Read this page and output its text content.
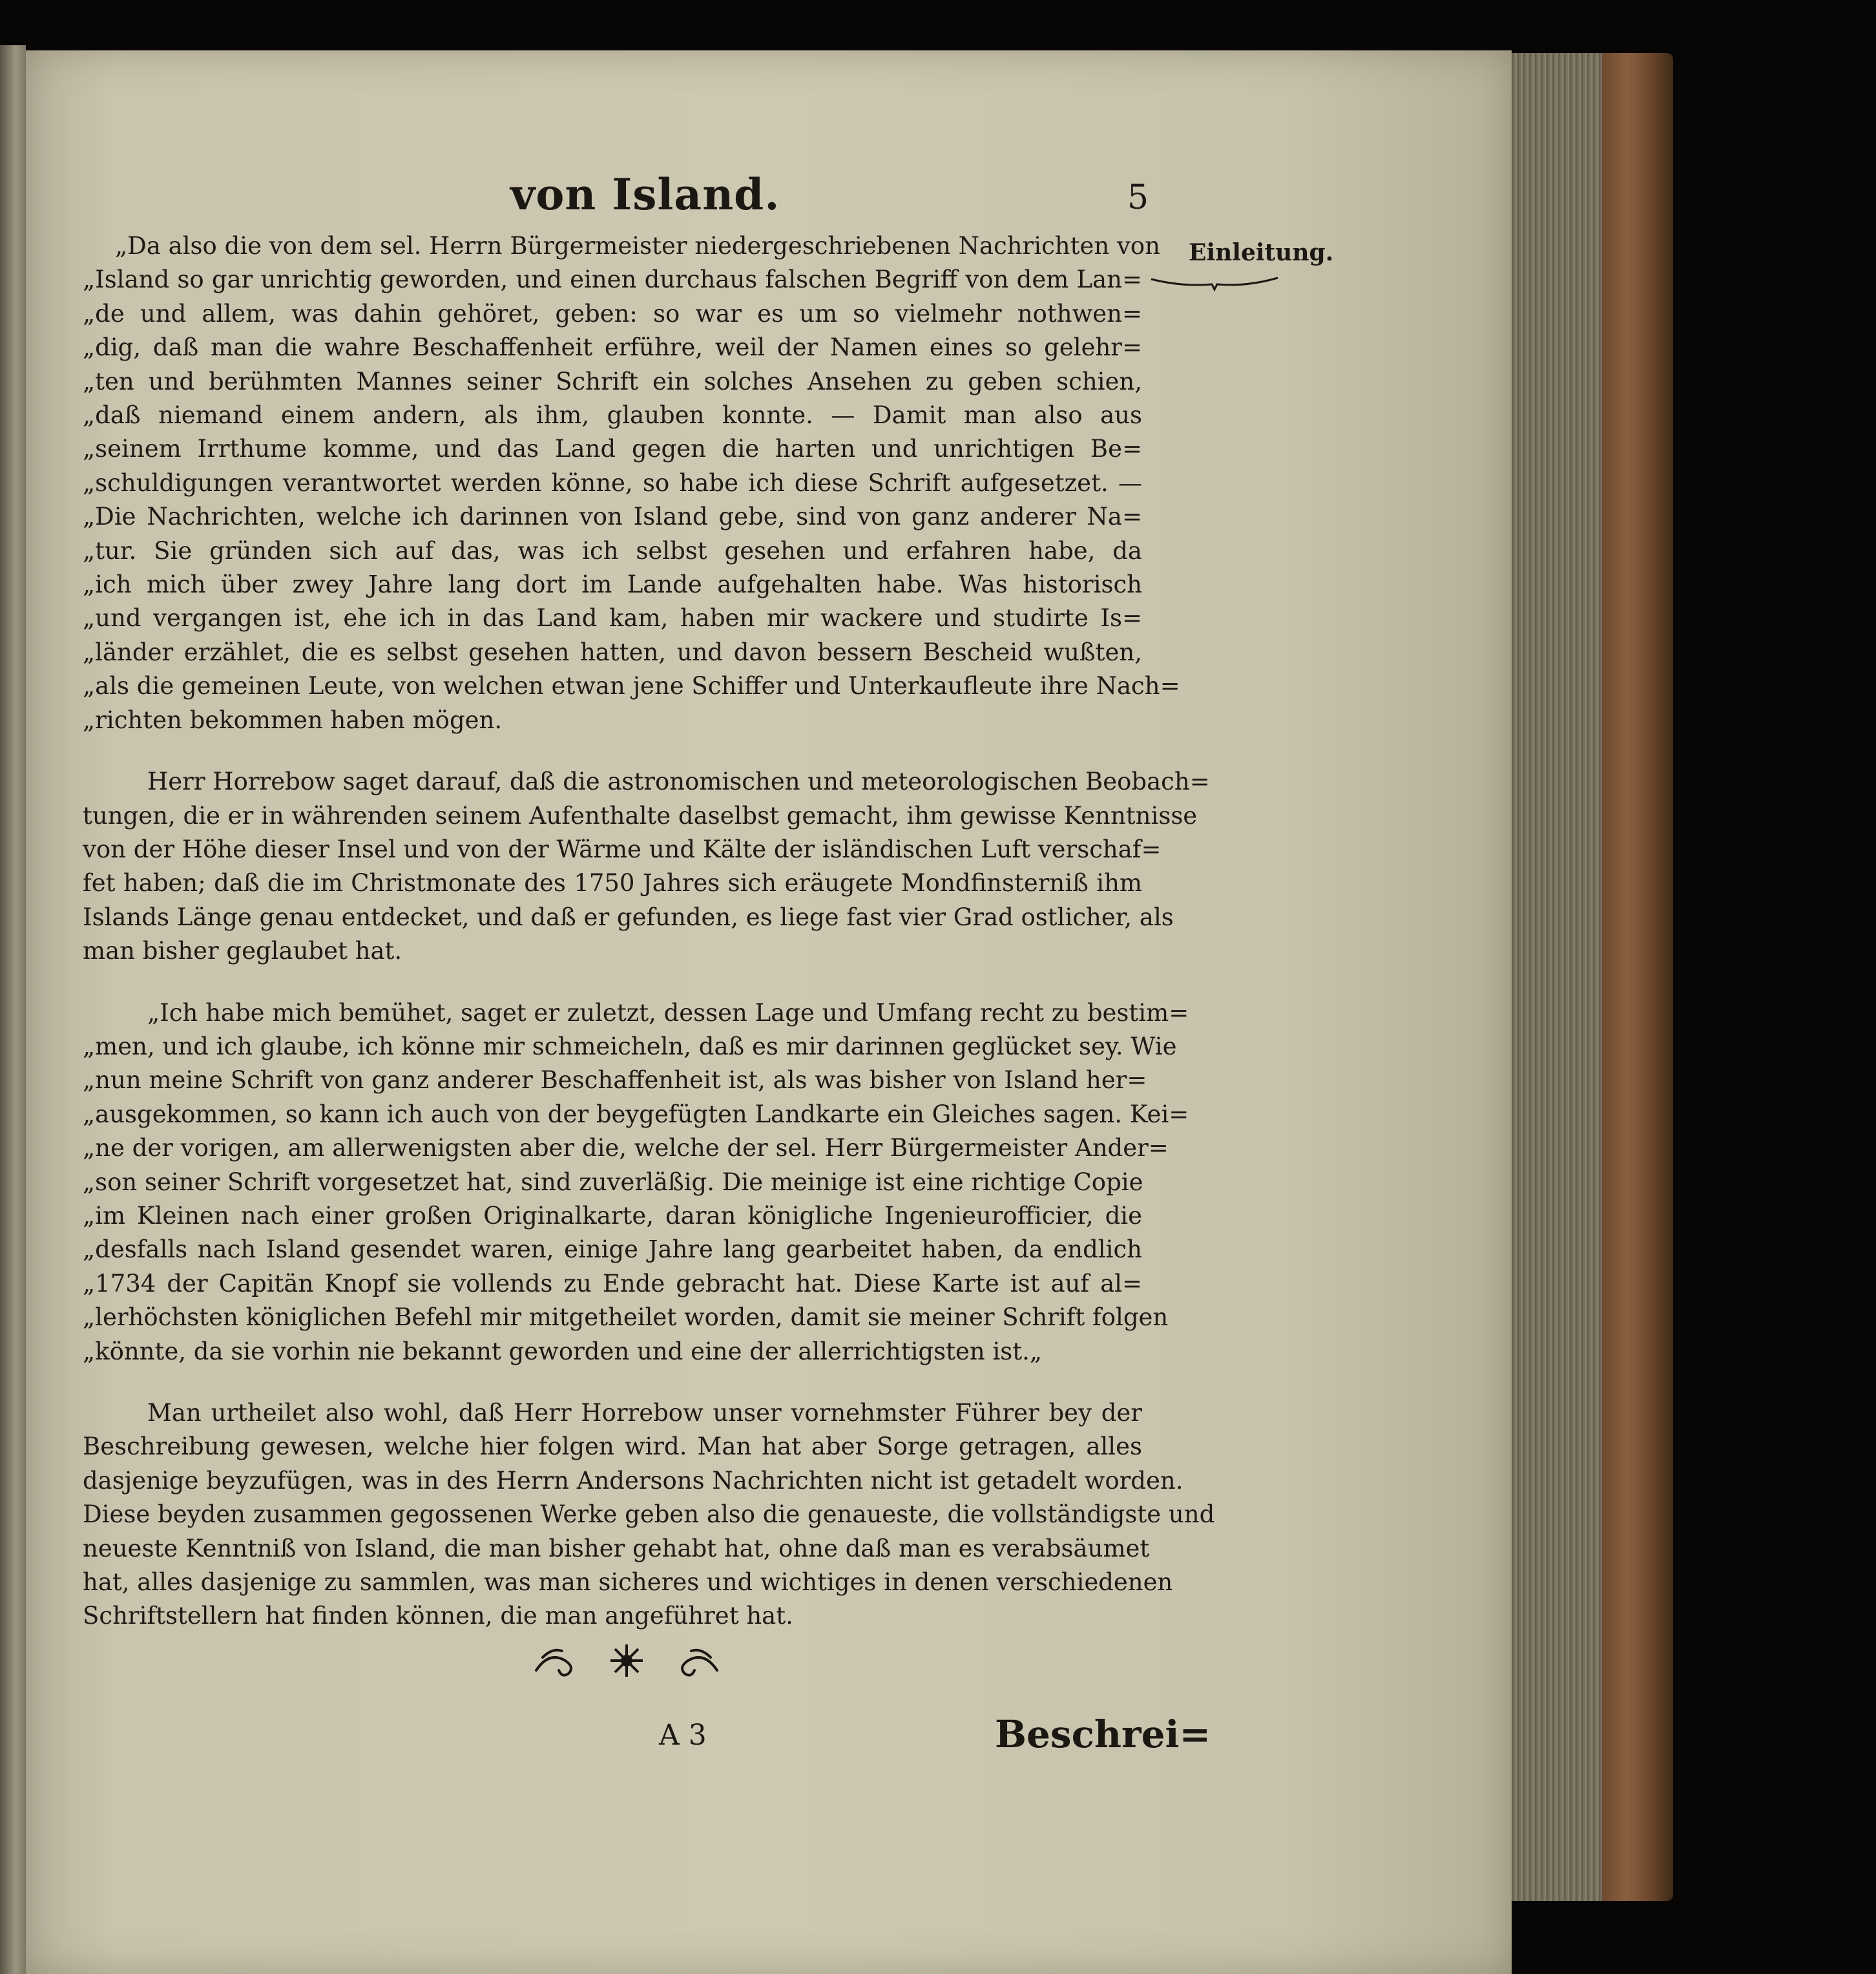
von Island.	5
Einleitung.
„Da also die von dem sel. Herrn Bürgermeister niedergeschriebenen Nachrichten von
„Island so gar unrichtig geworden, und einen durchaus falschen Begriff von dem Lan=
„de und allem, was dahin gehöret, geben: so war es um so vielmehr nothwen=
„dig, daß man die wahre Beschaffenheit erführe, weil der Namen eines so gelehr=
„ten und berühmten Mannes seiner Schrift ein solches Ansehen zu geben schien,
„daß niemand einem andern, als ihm, glauben konnte. — Damit man also aus
„seinem Irrthume komme, und das Land gegen die harten und unrichtigen Be=
„schuldigungen verantwortet werden könne, so habe ich diese Schrift aufgesetzet. —
„Die Nachrichten, welche ich darinnen von Island gebe, sind von ganz anderer Na=
„tur. Sie gründen sich auf das, was ich selbst gesehen und erfahren habe, da
„ich mich über zwey Jahre lang dort im Lande aufgehalten habe. Was historisch
„und vergangen ist, ehe ich in das Land kam, haben mir wackere und studirte Is=
„länder erzählet, die es selbst gesehen hatten, und davon bessern Bescheid wußten,
„als die gemeinen Leute, von welchen etwan jene Schiffer und Unterkaufleute ihre Nach=
„richten bekommen haben mögen.
Herr Horrebow saget darauf, daß die astronomischen und meteorologischen Beobach=
tungen, die er in währenden seinem Aufenthalte daselbst gemacht, ihm gewisse Kenntnisse
von der Höhe dieser Insel und von der Wärme und Kälte der isländischen Luft verschaf=
fet haben; daß die im Christmonate des 1750 Jahres sich eräugete Mondfinsterniß ihm
Islands Länge genau entdecket, und daß er gefunden, es liege fast vier Grad ostlicher, als
man bisher geglaubet hat.
„Ich habe mich bemühet, saget er zuletzt, dessen Lage und Umfang recht zu bestim=
„men, und ich glaube, ich könne mir schmeicheln, daß es mir darinnen geglücket sey. Wie
„nun meine Schrift von ganz anderer Beschaffenheit ist, als was bisher von Island her=
„ausgekommen, so kann ich auch von der beygefügten Landkarte ein Gleiches sagen. Kei=
„ne der vorigen, am allerwenigsten aber die, welche der sel. Herr Bürgermeister Ander=
„son seiner Schrift vorgesetzet hat, sind zuverläßig. Die meinige ist eine richtige Copie
„im Kleinen nach einer großen Originalkarte, daran königliche Ingenieurofficier, die
„desfalls nach Island gesendet waren, einige Jahre lang gearbeitet haben, da endlich
„1734 der Capitän Knopf sie vollends zu Ende gebracht hat. Diese Karte ist auf al=
„lerhöchsten königlichen Befehl mir mitgetheilet worden, damit sie meiner Schrift folgen
„könnte, da sie vorhin nie bekannt geworden und eine der allerrichtigsten ist.„
Man urtheilet also wohl, daß Herr Horrebow unser vornehmster Führer bey der
Beschreibung gewesen, welche hier folgen wird. Man hat aber Sorge getragen, alles
dasjenige beyzufügen, was in des Herrn Andersons Nachrichten nicht ist getadelt worden.
Diese beyden zusammen gegossenen Werke geben also die genaueste, die vollständigste und
neueste Kenntniß von Island, die man bisher gehabt hat, ohne daß man es verabsäumet
hat, alles dasjenige zu sammlen, was man sicheres und wichtiges in denen verschiedenen
Schriftstellern hat finden können, die man angeführet hat.
A 3	Beschrei=
